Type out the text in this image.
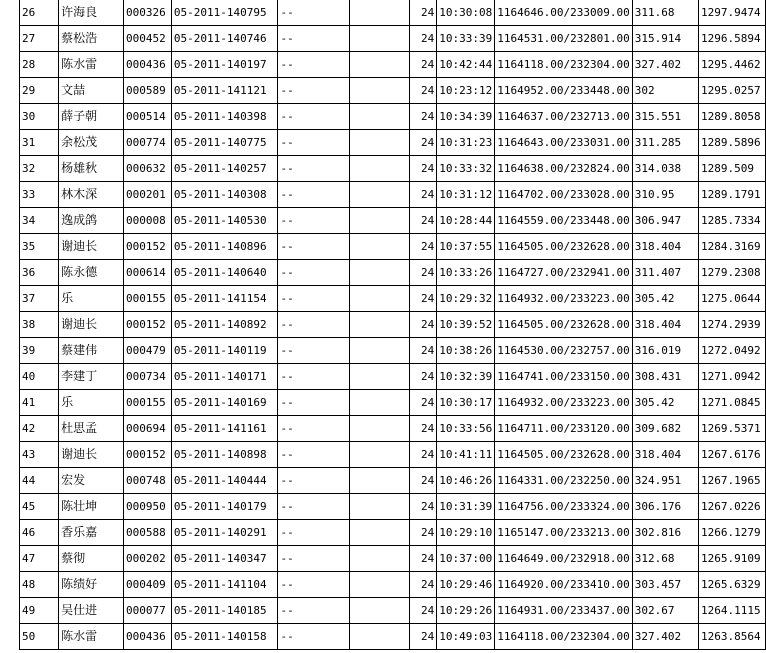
26	许海良	000326	05-2011-140795	--		24	10:30:08	1164646.00/233009.00	311.68	1297.9474
27	蔡松浩	000452	05-2011-140746	--		24	10:33:39	1164531.00/232801.00	315.914	1296.5894
28	陈水雷	000436	05-2011-140197	--		24	10:42:44	1164118.00/232304.00	327.402	1295.4462
29	文喆	000589	05-2011-141121	--		24	10:23:12	1164952.00/233448.00	302	1295.0257
30	薛子朝	000514	05-2011-140398	--		24	10:34:39	1164637.00/232713.00	315.551	1289.8058
31	余松茂	000774	05-2011-140775	--		24	10:31:23	1164643.00/233031.00	311.285	1289.5896
32	杨雄秋	000632	05-2011-140257	--		24	10:33:32	1164638.00/232824.00	314.038	1289.509
33	林木深	000201	05-2011-140308	--		24	10:31:12	1164702.00/233028.00	310.95	1289.1791
34	逸成鸽	000008	05-2011-140530	--		24	10:28:44	1164559.00/233448.00	306.947	1285.7334
35	谢迪长	000152	05-2011-140896	--		24	10:37:55	1164505.00/232628.00	318.404	1284.3169
36	陈永德	000614	05-2011-140640	--		24	10:33:26	1164727.00/232941.00	311.407	1279.2308
37	乐	000155	05-2011-141154	--		24	10:29:32	1164932.00/233223.00	305.42	1275.0644
38	谢迪长	000152	05-2011-140892	--		24	10:39:52	1164505.00/232628.00	318.404	1274.2939
39	蔡建伟	000479	05-2011-140119	--		24	10:38:26	1164530.00/232757.00	316.019	1272.0492
40	李建丁	000734	05-2011-140171	--		24	10:32:39	1164741.00/233150.00	308.431	1271.0942
41	乐	000155	05-2011-140169	--		24	10:30:17	1164932.00/233223.00	305.42	1271.0845
42	杜思孟	000694	05-2011-141161	--		24	10:33:56	1164711.00/233120.00	309.682	1269.5371
43	谢迪长	000152	05-2011-140898	--		24	10:41:11	1164505.00/232628.00	318.404	1267.6176
44	宏发	000748	05-2011-140444	--		24	10:46:26	1164331.00/232250.00	324.951	1267.1965
45	陈壮坤	000950	05-2011-140179	--		24	10:31:39	1164756.00/233324.00	306.176	1267.0226
46	香乐嘉	000588	05-2011-140291	--		24	10:29:10	1165147.00/233213.00	302.816	1266.1279
47	蔡彻	000202	05-2011-140347	--		24	10:37:00	1164649.00/232918.00	312.68	1265.9109
48	陈绩好	000409	05-2011-141104	--		24	10:29:46	1164920.00/233410.00	303.457	1265.6329
49	吴仕进	000077	05-2011-140185	--		24	10:29:26	1164931.00/233437.00	302.67	1264.1115
50	陈水雷	000436	05-2011-140158	--		24	10:49:03	1164118.00/232304.00	327.402	1263.8564
